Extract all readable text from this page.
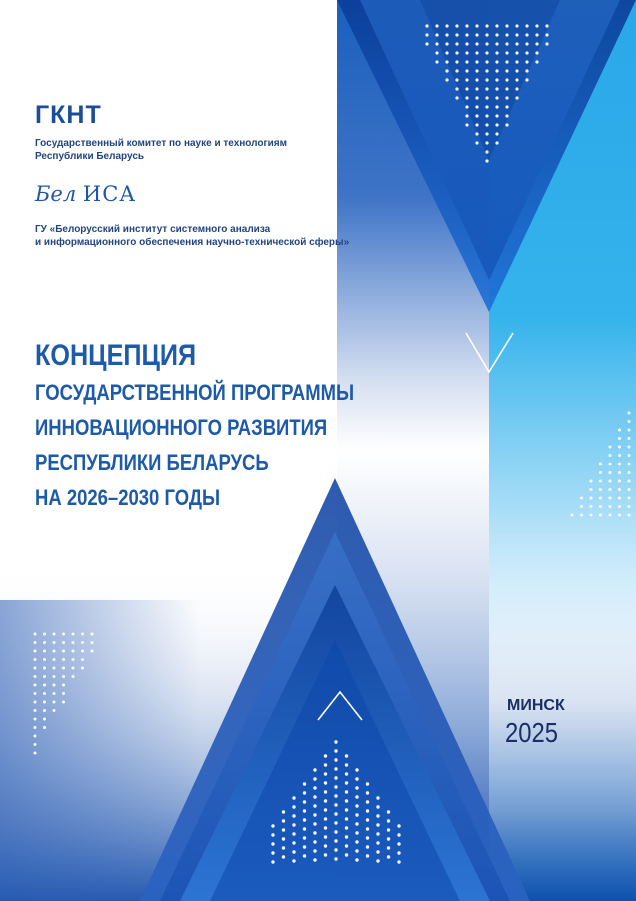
ГКНТ
Государственный комитет по науке и технологиям
Республики Беларусь
Бел ИСА
ГУ «Белорусский институт системного анализа
и информационного обеспечения научно-технической сферы»
КОНЦЕПЦИЯ
ГОСУДАРСТВЕННОЙ ПРОГРАММЫ
ИННОВАЦИОННОГО РАЗВИТИЯ
РЕСПУБЛИКИ БЕЛАРУСЬ
НА 2026–2030 ГОДЫ
МИНСК
2025
